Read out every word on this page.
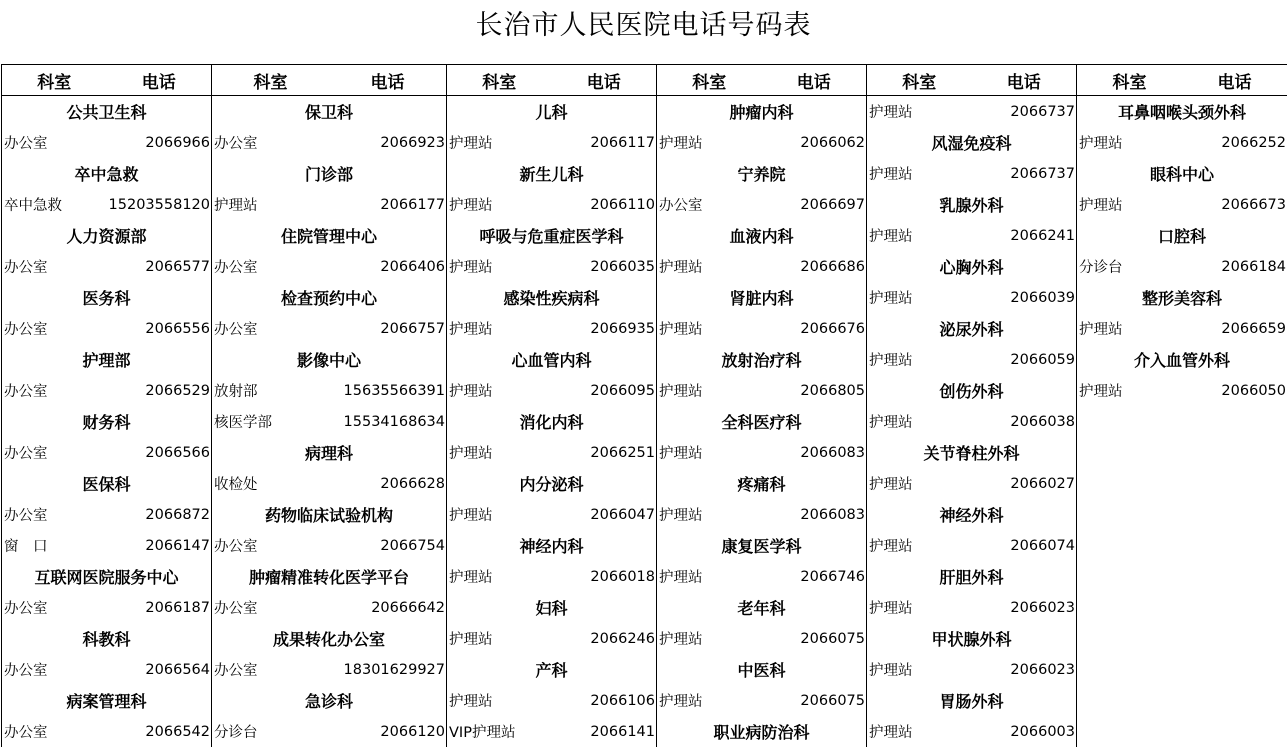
长治市人民医院电话号码表
科室	电话
公共卫生科
办公室	2066966
卒中急救
卒中急救	15203558120
人力资源部
办公室	2066577
医务科
办公室	2066556
护理部
办公室	2066529
财务科
办公室	2066566
医保科
办公室	2066872
窗　口	2066147
互联网医院服务中心
办公室	2066187
科教科
办公室	2066564
病案管理科
办公室	2066542
科室	电话
保卫科
办公室	2066923
门诊部
护理站	2066177
住院管理中心
办公室	2066406
检查预约中心
办公室	2066757
影像中心
放射部	15635566391
核医学部	15534168634
病理科
收检处	2066628
药物临床试验机构
办公室	2066754
肿瘤精准转化医学平台
办公室	20666642
成果转化办公室
办公室	18301629927
急诊科
分诊台	2066120
科室	电话
儿科
护理站	2066117
新生儿科
护理站	2066110
呼吸与危重症医学科
护理站	2066035
感染性疾病科
护理站	2066935
心血管内科
护理站	2066095
消化内科
护理站	2066251
内分泌科
护理站	2066047
神经内科
护理站	2066018
妇科
护理站	2066246
产科
护理站	2066106
VIP护理站	2066141
科室	电话
肿瘤内科
护理站	2066062
宁养院
办公室	2066697
血液内科
护理站	2066686
肾脏内科
护理站	2066676
放射治疗科
护理站	2066805
全科医疗科
护理站	2066083
疼痛科
护理站	2066083
康复医学科
护理站	2066746
老年科
护理站	2066075
中医科
护理站	2066075
职业病防治科
科室	电话
护理站	2066737
风湿免疫科
护理站	2066737
乳腺外科
护理站	2066241
心胸外科
护理站	2066039
泌尿外科
护理站	2066059
创伤外科
护理站	2066038
关节脊柱外科
护理站	2066027
神经外科
护理站	2066074
肝胆外科
护理站	2066023
甲状腺外科
护理站	2066023
胃肠外科
护理站	2066003
科室	电话
耳鼻咽喉头颈外科
护理站	2066252
眼科中心
护理站	2066673
口腔科
分诊台	2066184
整形美容科
护理站	2066659
介入血管外科
护理站	2066050
